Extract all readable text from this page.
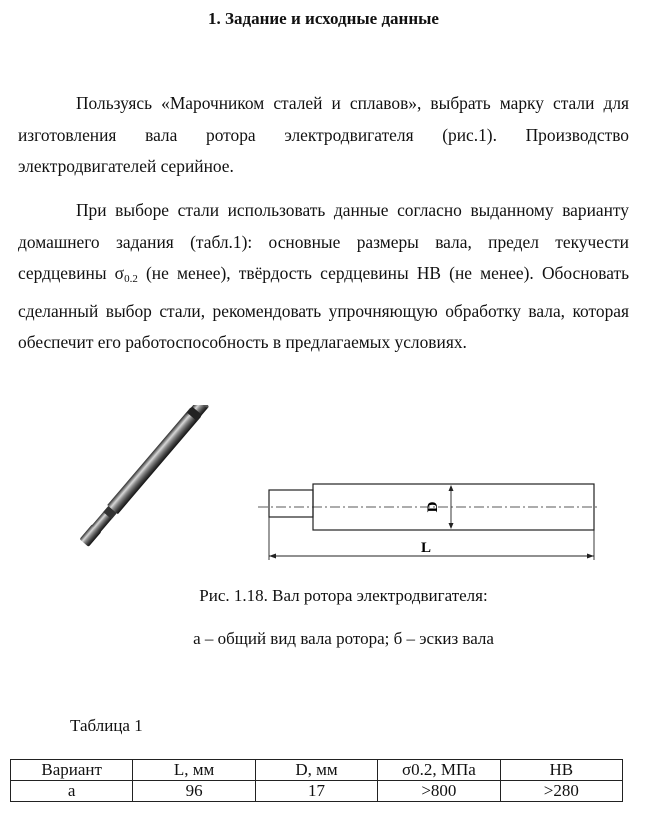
1. Задание и исходные данные

Пользуясь «Марочником сталей и сплавов», выбрать марку стали для изготовления вала ротора электродвигателя (рис.1). Производство электродвигателей серийное.

При выборе стали использовать данные согласно выданному варианту домашнего задания (табл.1): основные размеры вала, предел текучести сердцевины $\sigma_{0.2}$ (не менее), твёрдость сердцевины НВ (не менее). Обосновать сделанный выбор стали, рекомендовать упрочняющую обработку вала, которая обеспечит его работоспособность в предлагаемых условиях.

D
L
Рис. 1.18. Вал ротора электродвигателя:
а – общий вид вала ротора; б – эскиз вала
Таблица 1
Вариант	L, мм	D, мм	σ0.2, МПа	НВ
а	96	17	>800	>280
